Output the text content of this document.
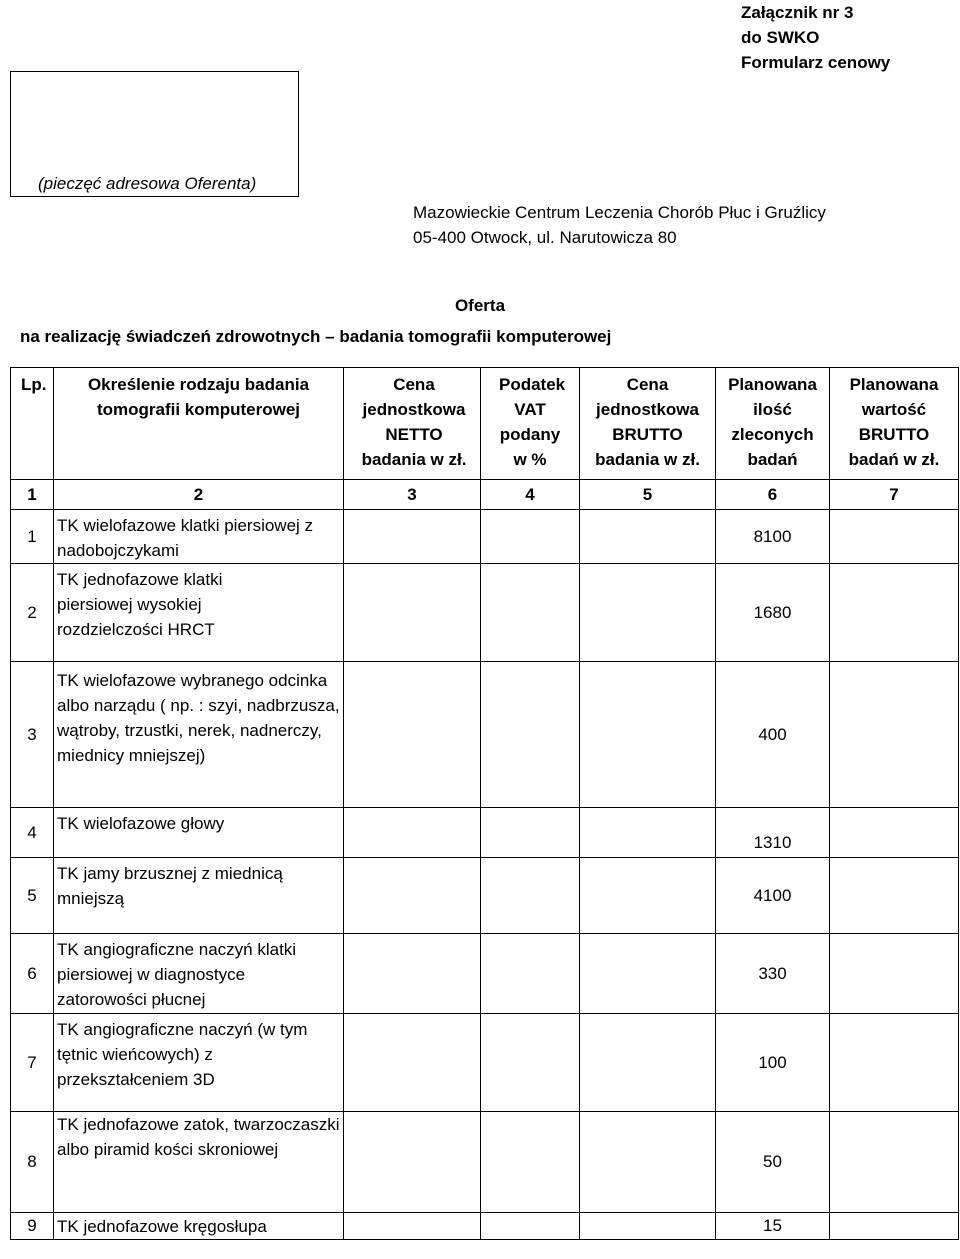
Załącznik nr 3
do SWKO
Formularz cenowy
(pieczęć adresowa Oferenta)
Mazowieckie Centrum Leczenia Chorób Płuc i Gruźlicy
05-400 Otwock, ul. Narutowicza 80
Oferta
na realizację świadczeń zdrowotnych – badania tomografii komputerowej
Lp.	Określenie rodzaju badania tomografii komputerowej	Cena jednostkowa NETTO badania w zł.	Podatek VAT podany w %	Cena jednostkowa BRUTTO badania w zł.	Planowana ilość zleconych badań	Planowana wartość BRUTTO badań w zł.
1	2	3	4	5	6	7
1	TK wielofazowe klatki piersiowej z nadobojczykami				8100	
2	TK jednofazowe klatki piersiowej wysokiej rozdzielczości HRCT				1680	
3	TK wielofazowe wybranego odcinka albo narządu ( np. : szyi, nadbrzusza, wątroby, trzustki, nerek, nadnerczy, miednicy mniejszej)				400	
4	TK wielofazowe głowy				1310	
5	TK jamy brzusznej z miednicą mniejszą				4100	
6	TK angiograficzne naczyń klatki piersiowej w diagnostyce zatorowości płucnej				330	
7	TK angiograficzne naczyń (w tym tętnic wieńcowych) z przekształceniem 3D				100	
8	TK jednofazowe zatok, twarzoczaszki albo piramid kości skroniowej				50	
9	TK jednofazowe kręgosłupa				15	
